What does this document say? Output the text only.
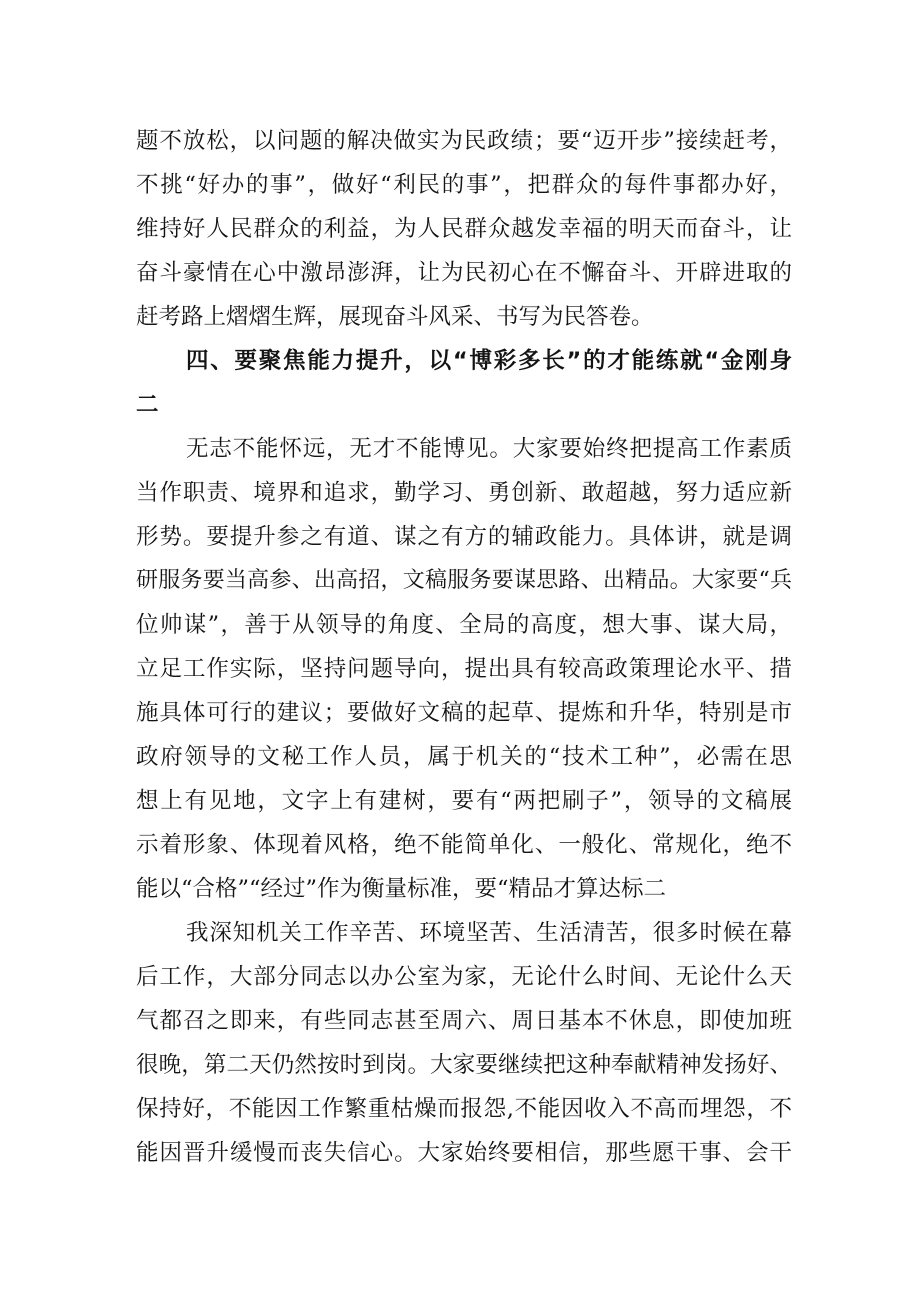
题不放松，以问题的解决做实为民政绩；要“迈开步”接续赶考，
不挑“好办的事”，做好“利民的事”，把群众的每件事都办好，
维持好人民群众的利益，为人民群众越发幸福的明天而奋斗，让
奋斗豪情在心中激昂澎湃，让为民初心在不懈奋斗、开辟进取的
赶考路上熠熠生辉，展现奋斗风采、书写为民答卷。
四、要聚焦能力提升，以“博彩多长”的才能练就“金刚身
二
无志不能怀远，无才不能博见。大家要始终把提高工作素质
当作职责、境界和追求，勤学习、勇创新、敢超越，努力适应新
形势。要提升参之有道、谋之有方的辅政能力。具体讲，就是调
研服务要当高参、出高招，文稿服务要谋思路、出精品。大家要“兵
位帅谋”，善于从领导的角度、全局的高度，想大事、谋大局，
立足工作实际，坚持问题导向，提出具有较高政策理论水平、措
施具体可行的建议；要做好文稿的起草、提炼和升华，特别是市
政府领导的文秘工作人员，属于机关的“技术工种”，必需在思
想上有见地，文字上有建树，要有“两把刷子”，领导的文稿展
示着形象、体现着风格，绝不能简单化、一般化、常规化，绝不
能以“合格”“经过”作为衡量标准，要“精品才算达标二
我深知机关工作辛苦、环境坚苦、生活清苦，很多时候在幕
后工作，大部分同志以办公室为家，无论什么时间、无论什么天
气都召之即来，有些同志甚至周六、周日基本不休息，即使加班
很晚，第二天仍然按时到岗。大家要继续把这种奉献精神发扬好、
保持好，不能因工作繁重枯燥而报怨,不能因收入不高而埋怨，不
能因晋升缓慢而丧失信心。大家始终要相信，那些愿干事、会干
